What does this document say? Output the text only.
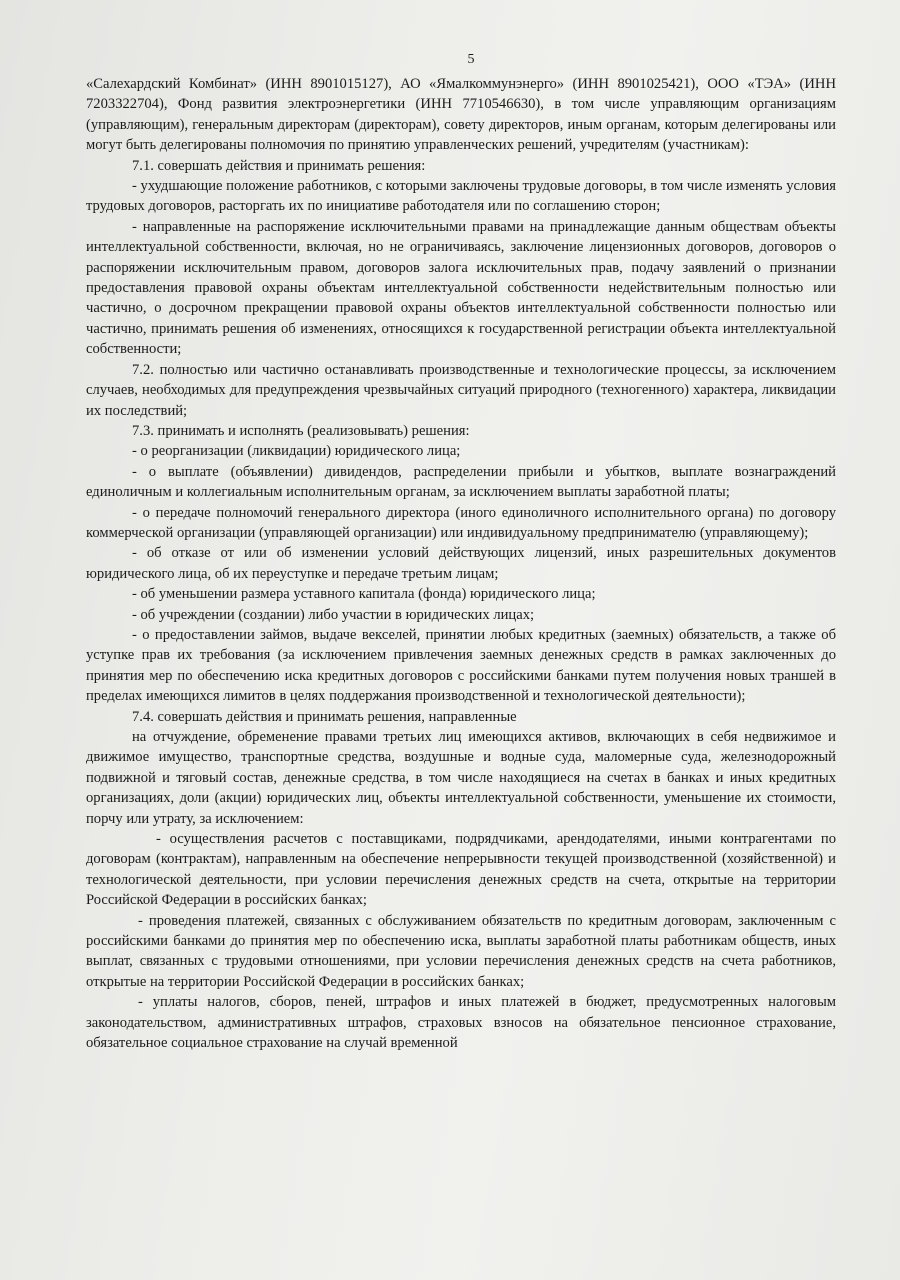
5

«Салехардский Комбинат» (ИНН 8901015127), АО «Ямалкоммунэнерго» (ИНН 8901025421), ООО «ТЭА» (ИНН 7203322704), Фонд развития электроэнергетики (ИНН 7710546630), в том числе управляющим организациям (управляющим), генеральным директорам (директорам), совету директоров, иным органам, которым делегированы или могут быть делегированы полномочия по принятию управленческих решений, учредителям (участникам):

7.1. совершать действия и принимать решения:

- ухудшающие положение работников, с которыми заключены трудовые договоры, в том числе изменять условия трудовых договоров, расторгать их по инициативе работодателя или по соглашению сторон;

- направленные на распоряжение исключительными правами на принадлежащие данным обществам объекты интеллектуальной собственности, включая, но не ограничиваясь, заключение лицензионных договоров, договоров о распоряжении исключительным правом, договоров залога исключительных прав, подачу заявлений о признании предоставления правовой охраны объектам интеллектуальной собственности недействительным полностью или частично, о досрочном прекращении правовой охраны объектов интеллектуальной собственности полностью или частично, принимать решения об изменениях, относящихся к государственной регистрации объекта интеллектуальной собственности;

7.2. полностью или частично останавливать производственные и технологические процессы, за исключением случаев, необходимых для предупреждения чрезвычайных ситуаций природного (техногенного) характера, ликвидации их последствий;

7.3. принимать и исполнять (реализовывать) решения:

- о реорганизации (ликвидации) юридического лица;

- о выплате (объявлении) дивидендов, распределении прибыли и убытков, выплате вознаграждений единоличным и коллегиальным исполнительным органам, за исключением выплаты заработной платы;

- о передаче полномочий генерального директора (иного единоличного исполнительного органа) по договору коммерческой организации (управляющей организации) или индивидуальному предпринимателю (управляющему);

- об отказе от или об изменении условий действующих лицензий, иных разрешительных документов юридического лица, об их переуступке и передаче третьим лицам;

- об уменьшении размера уставного капитала (фонда) юридического лица;

- об учреждении (создании) либо участии в юридических лицах;

- о предоставлении займов, выдаче векселей, принятии любых кредитных (заемных) обязательств, а также об уступке прав их требования (за исключением привлечения заемных денежных средств в рамках заключенных до принятия мер по обеспечению иска кредитных договоров с российскими банками путем получения новых траншей в пределах имеющихся лимитов в целях поддержания производственной и технологической деятельности);

7.4. совершать действия и принимать решения, направленные

на отчуждение, обременение правами третьих лиц имеющихся активов, включающих в себя недвижимое и движимое имущество, транспортные средства, воздушные и водные суда, маломерные суда, железнодорожный подвижной и тяговый состав, денежные средства, в том числе находящиеся на счетах в банках и иных кредитных организациях, доли (акции) юридических лиц, объекты интеллектуальной собственности, уменьшение их стоимости, порчу или утрату, за исключением:

- осуществления расчетов с поставщиками, подрядчиками, арендодателями, иными контрагентами по договорам (контрактам), направленным на обеспечение непрерывности текущей производственной (хозяйственной) и технологической деятельности, при условии перечисления денежных средств на счета, открытые на территории Российской Федерации в российских банках;

- проведения платежей, связанных с обслуживанием обязательств по кредитным договорам, заключенным с российскими банками до принятия мер по обеспечению иска, выплаты заработной платы работникам обществ, иных выплат, связанных с трудовыми отношениями, при условии перечисления денежных средств на счета работников, открытые на территории Российской Федерации в российских банках;

- уплаты налогов, сборов, пеней, штрафов и иных платежей в бюджет, предусмотренных налоговым законодательством, административных штрафов, страховых взносов на обязательное пенсионное страхование, обязательное социальное страхование на случай временной
